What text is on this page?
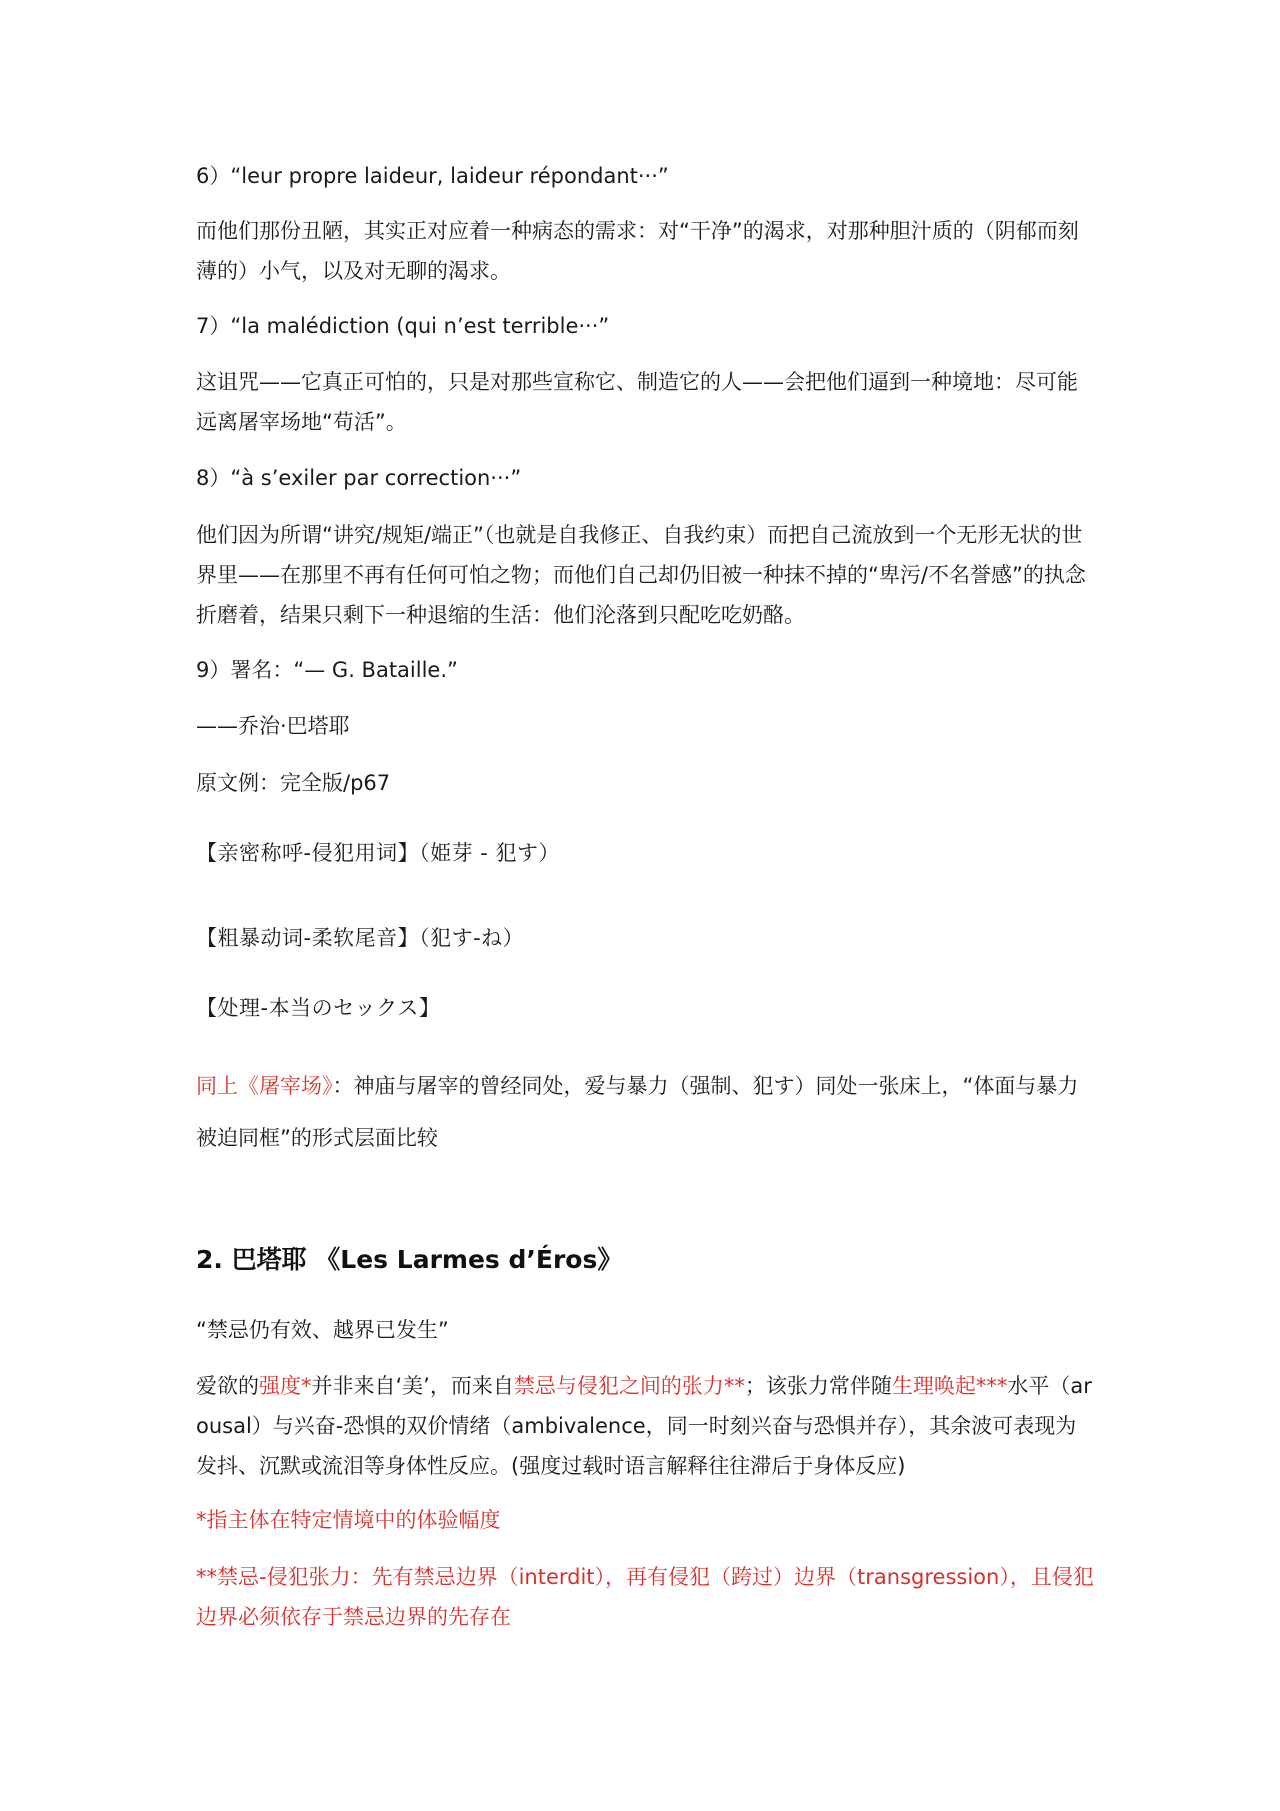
6）“leur propre laideur, laideur répondant···”

而他们那份丑陋，其实正对应着一种病态的需求：对“干净”的渴求，对那种胆汁质的（阴郁而刻薄的）小气，以及对无聊的渴求。

7）“la malédiction (qui n’est terrible···”

这诅咒——它真正可怕的，只是对那些宣称它、制造它的人——会把他们逼到一种境地：尽可能远离屠宰场地“苟活”。

8）“à s’exiler par correction···”

他们因为所谓“讲究/规矩/端正”（也就是自我修正、自我约束）而把自己流放到一个无形无状的世界里——在那里不再有任何可怕之物；而他们自己却仍旧被一种抹不掉的“卑污/不名誉感”的执念折磨着，结果只剩下一种退缩的生活：他们沦落到只配吃吃奶酪。

9）署名：“— G. Bataille.”

——乔治·巴塔耶

原文例：完全版/p67

【亲密称呼-侵犯用词】（姫芽 - 犯す）

【粗暴动词-柔软尾音】（犯す-ね）

【处理-本当のセックス】

同上《屠宰场》：神庙与屠宰的曾经同处，爱与暴力（强制、犯す）同处一张床上，“体面与暴力被迫同框”的形式层面比较

2. 巴塔耶 《Les Larmes d’Éros》

“禁忌仍有效、越界已发生”

爱欲的强度*并非来自‘美’，而来自禁忌与侵犯之间的张力**；该张力常伴随生理唤起***水平（arousal）与兴奋-恐惧的双价情绪（ambivalence，同一时刻兴奋与恐惧并存），其余波可表现为发抖、沉默或流泪等身体性反应。(强度过载时语言解释往往滞后于身体反应)

*指主体在特定情境中的体验幅度

**禁忌-侵犯张力：先有禁忌边界（interdit），再有侵犯（跨过）边界（transgression），且侵犯边界必须依存于禁忌边界的先存在
